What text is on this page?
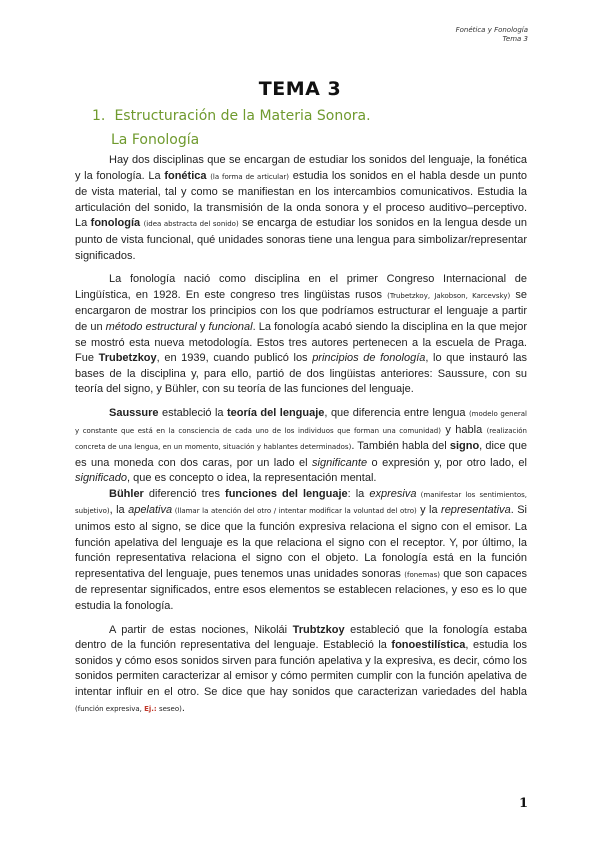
Fonética y Fonología
Tema 3
TEMA 3
1. Estructuración de la Materia Sonora.
La Fonología

Hay dos disciplinas que se encargan de estudiar los sonidos del lenguaje, la fonética y la fonología. La fonética (la forma de articular) estudia los sonidos en el habla desde un punto de vista material, tal y como se manifiestan en los intercambios comunicativos. Estudia la articulación del sonido, la transmisión de la onda sonora y el proceso auditivo–perceptivo. La fonología (idea abstracta del sonido) se encarga de estudiar los sonidos en la lengua desde un punto de vista funcional, qué unidades sonoras tiene una lengua para simbolizar/representar significados.

La fonología nació como disciplina en el primer Congreso Internacional de Lingüística, en 1928. En este congreso tres lingüistas rusos (Trubetzkoy, Jakobson, Karcevsky) se encargaron de mostrar los principios con los que podríamos estructurar el lenguaje a partir de un método estructural y funcional. La fonología acabó siendo la disciplina en la que mejor se mostró esta nueva metodología. Estos tres autores pertenecen a la escuela de Praga. Fue Trubetzkoy, en 1939, cuando publicó los principios de fonología, lo que instauró las bases de la disciplina y, para ello, partió de dos lingüistas anteriores: Saussure, con su teoría del signo, y Bühler, con su teoría de las funciones del lenguaje.

Saussure estableció la teoría del lenguaje, que diferencia entre lengua (modelo general y constante que está en la consciencia de cada uno de los individuos que forman una comunidad) y habla (realización concreta de una lengua, en un momento, situación y hablantes determinados). También habla del signo, dice que es una moneda con dos caras, por un lado el significante o expresión y, por otro lado, el significado, que es concepto o idea, la representación mental.

Bühler diferenció tres funciones del lenguaje: la expresiva (manifestar los sentimientos, subjetivo), la apelativa (llamar la atención del otro / intentar modificar la voluntad del otro) y la representativa. Si unimos esto al signo, se dice que la función expresiva relaciona el signo con el emisor. La función apelativa del lenguaje es la que relaciona el signo con el receptor. Y, por último, la función representativa relaciona el signo con el objeto. La fonología está en la función representativa del lenguaje, pues tenemos unas unidades sonoras (fonemas) que son capaces de representar significados, entre esos elementos se establecen relaciones, y eso es lo que estudia la fonología.

A partir de estas nociones, Nikolái Trubtzkoy estableció que la fonología estaba dentro de la función representativa del lenguaje. Estableció la fonoestilística, estudia los sonidos y cómo esos sonidos sirven para función apelativa y la expresiva, es decir, cómo los sonidos permiten caracterizar al emisor y cómo permiten cumplir con la función apelativa de intentar influir en el otro. Se dice que hay sonidos que caracterizan variedades del habla (función expresiva, Ej.: seseo).

1
